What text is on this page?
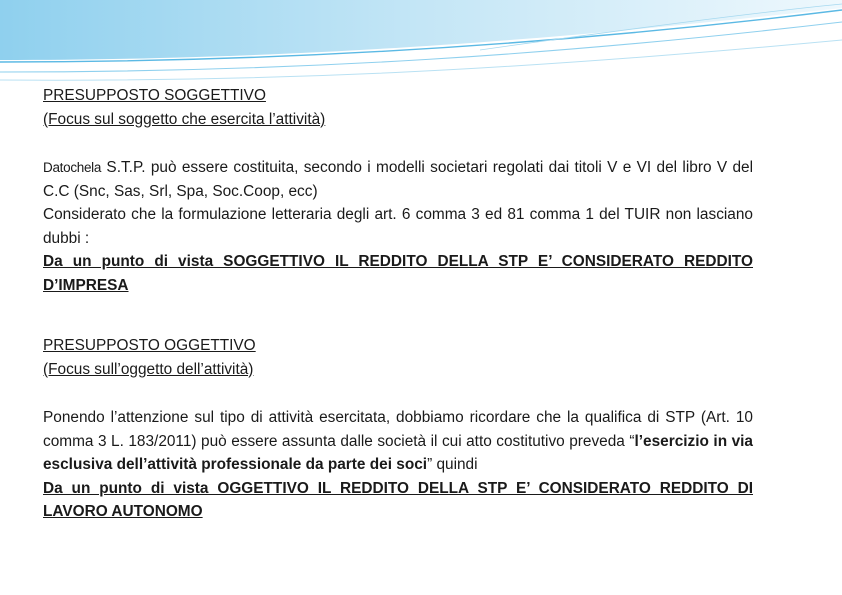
PRESUPPOSTO SOGGETTIVO

(Focus sul soggetto che esercita l’attività)

Datochela S.T.P. può essere costituita, secondo i modelli societari regolati dai titoli V e VI del libro V del C.C (Snc, Sas, Srl, Spa, Soc.Coop, ecc)

Considerato che la formulazione letteraria degli art. 6 comma 3 ed 81 comma 1 del TUIR non lasciano dubbi :

Da un punto di vista SOGGETTIVO IL REDDITO DELLA STP E’ CONSIDERATO REDDITO D’IMPRESA

PRESUPPOSTO OGGETTIVO

(Focus sull’oggetto dell’attività)

Ponendo l’attenzione sul tipo di attività esercitata, dobbiamo ricordare che la qualifica di STP (Art. 10 comma 3 L. 183/2011) può essere assunta dalle società il cui atto costitutivo preveda “l’esercizio in via esclusiva dell’attività professionale da parte dei soci” quindi

Da un punto di vista OGGETTIVO IL REDDITO DELLA STP E’ CONSIDERATO REDDITO DI LAVORO AUTONOMO
